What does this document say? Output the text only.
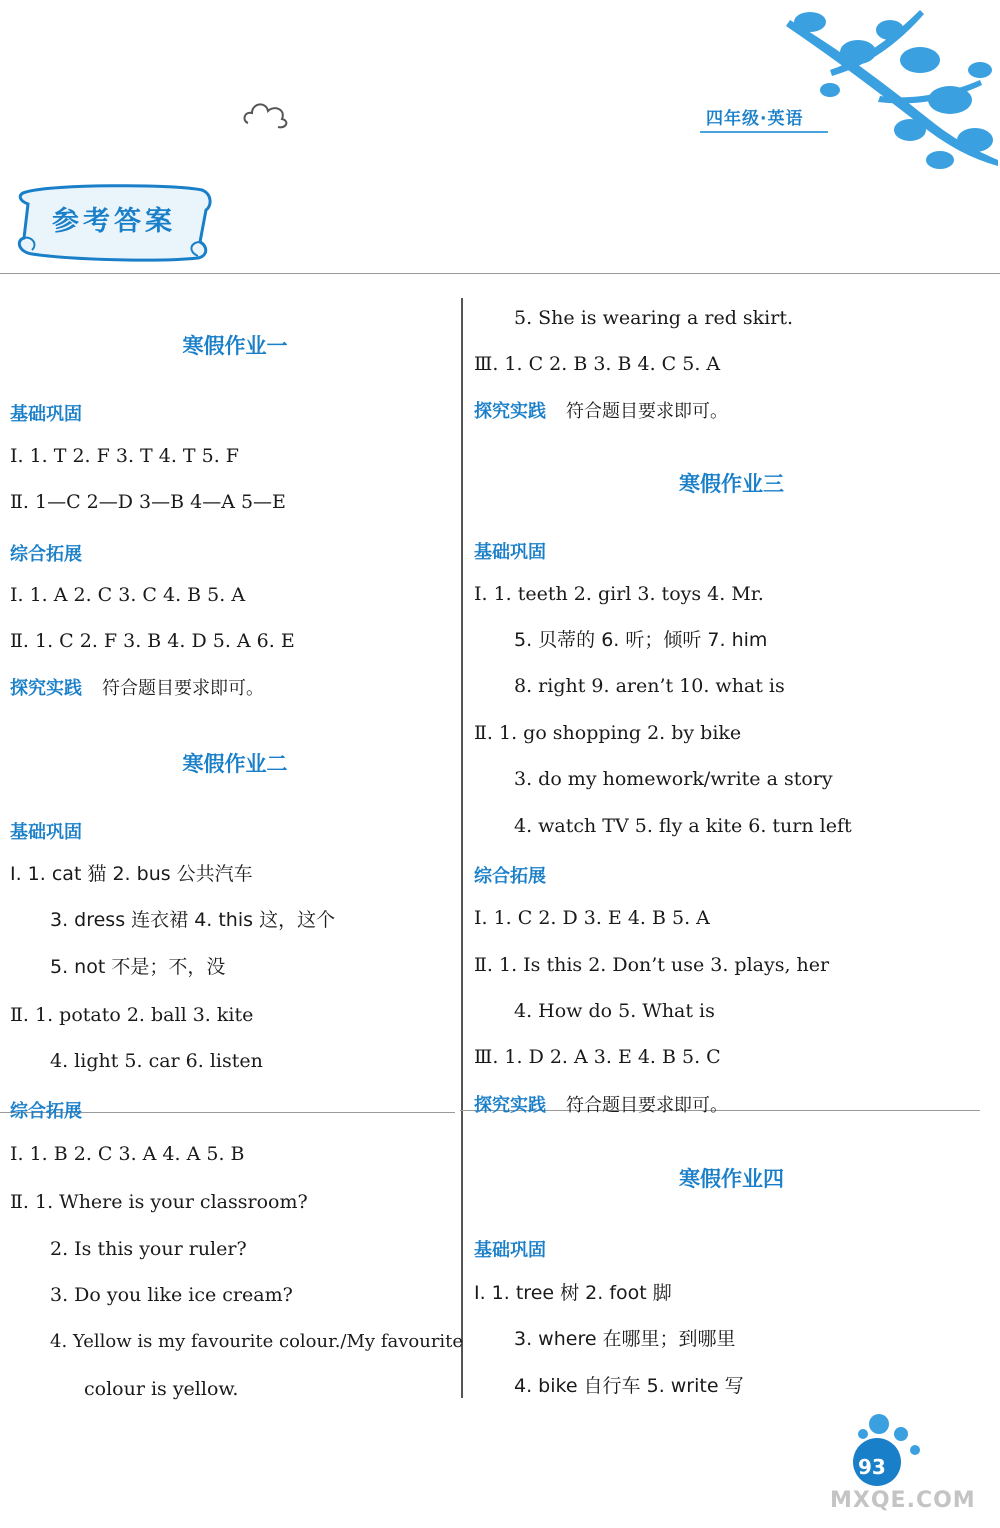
四年级·英语
参考答案
寒假作业一
基础巩固
Ⅰ. 1. T 2. F 3. T 4. T 5. F
Ⅱ. 1—C 2—D 3—B 4—A 5—E
综合拓展
Ⅰ. 1. A 2. C 3. C 4. B 5. A
Ⅱ. 1. C 2. F 3. B 4. D 5. A 6. E
探究实践 符合题目要求即可。
寒假作业二
基础巩固
Ⅰ. 1. cat 猫 2. bus 公共汽车
3. dress 连衣裙 4. this 这，这个
5. not 不是；不，没
Ⅱ. 1. potato 2. ball 3. kite
4. light 5. car 6. listen
综合拓展
Ⅰ. 1. B 2. C 3. A 4. A 5. B
Ⅱ. 1. Where is your classroom?
2. Is this your ruler?
3. Do you like ice cream?
4. Yellow is my favourite colour./My favourite
colour is yellow.
5. She is wearing a red skirt.
Ⅲ. 1. C 2. B 3. B 4. C 5. A
探究实践 符合题目要求即可。
寒假作业三
基础巩固
Ⅰ. 1. teeth 2. girl 3. toys 4. Mr.
5. 贝蒂的 6. 听；倾听 7. him
8. right 9. aren’t 10. what is
Ⅱ. 1. go shopping 2. by bike
3. do my homework/write a story
4. watch TV 5. fly a kite 6. turn left
综合拓展
Ⅰ. 1. C 2. D 3. E 4. B 5. A
Ⅱ. 1. Is this 2. Don’t use 3. plays, her
4. How do 5. What is
Ⅲ. 1. D 2. A 3. E 4. B 5. C
探究实践 符合题目要求即可。
寒假作业四
基础巩固
Ⅰ. 1. tree 树 2. foot 脚
3. where 在哪里；到哪里
4. bike 自行车 5. write 写
93
MXQE.COM
